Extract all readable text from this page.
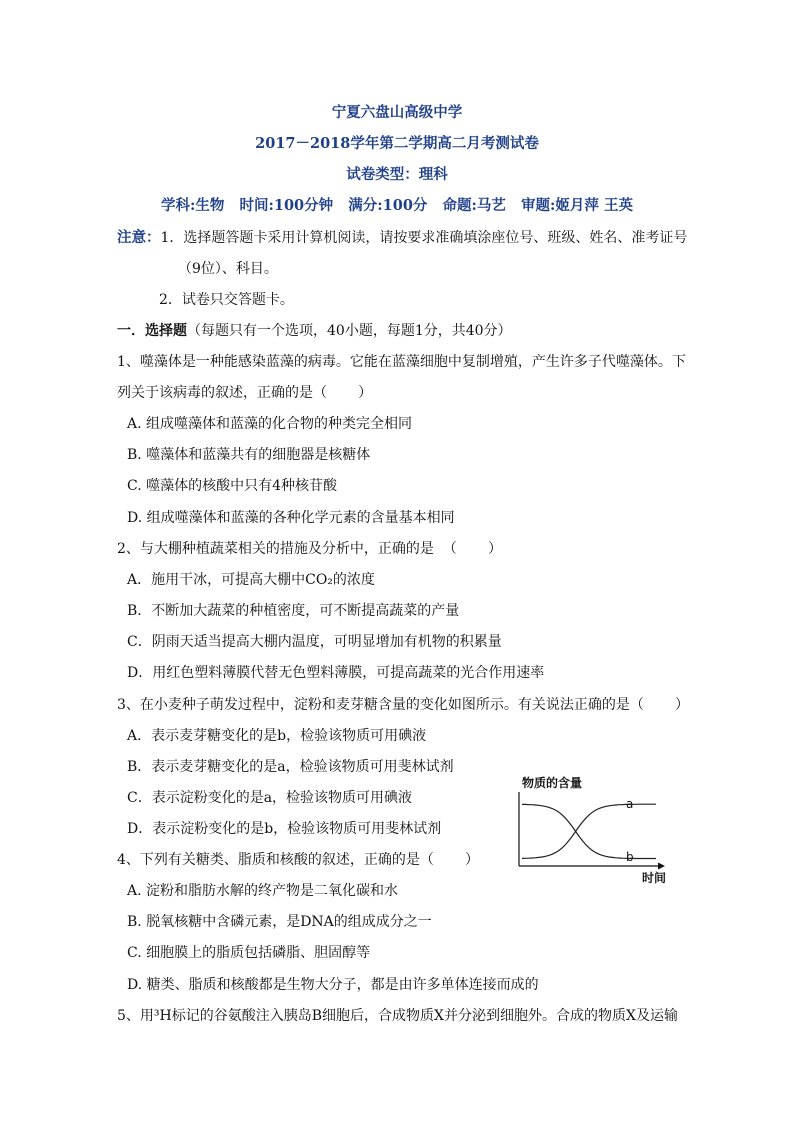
宁夏六盘山高级中学
2017－2018学年第二学期高二月考测试卷
试卷类型：理科
学科:生物   时间:100分钟   满分:100分   命题:马艺   审题:姬月萍 王英
注意：1．选择题答题卡采用计算机阅读，请按要求准确填涂座位号、班级、姓名、准考证号
（9位）、科目。
2．试卷只交答题卡。
一．选择题（每题只有一个选项，40小题，每题1分，共40分）
1、噬藻体是一种能感染蓝藻的病毒。它能在蓝藻细胞中复制增殖，产生许多子代噬藻体。下
列关于该病毒的叙述，正确的是（       ）
A. 组成噬藻体和蓝藻的化合物的种类完全相同
B. 噬藻体和蓝藻共有的细胞器是核糖体
C. 噬藻体的核酸中只有4种核苷酸
D. 组成噬藻体和蓝藻的各种化学元素的含量基本相同
2、与大棚种植蔬菜相关的措施及分析中，正确的是  （       ）
A．施用干冰，可提高大棚中CO₂的浓度
B．不断加大蔬菜的种植密度，可不断提高蔬菜的产量
C．阴雨天适当提高大棚内温度，可明显增加有机物的积累量
D．用红色塑料薄膜代替无色塑料薄膜，可提高蔬菜的光合作用速率
3、在小麦种子萌发过程中，淀粉和麦芽糖含量的变化如图所示。有关说法正确的是（       ）
A．表示麦芽糖变化的是b，检验该物质可用碘液
B．表示麦芽糖变化的是a，检验该物质可用斐林试剂
C．表示淀粉变化的是a，检验该物质可用碘液
D．表示淀粉变化的是b，检验该物质可用斐林试剂
物质的含量
a
b
时间
4、下列有关糖类、脂质和核酸的叙述，正确的是（       ）
A. 淀粉和脂肪水解的终产物是二氧化碳和水
B. 脱氧核糖中含磷元素，是DNA的组成成分之一
C. 细胞膜上的脂质包括磷脂、胆固醇等
D. 糖类、脂质和核酸都是生物大分子，都是由许多单体连接而成的
5、用³H标记的谷氨酸注入胰岛B细胞后，合成物质X并分泌到细胞外。合成的物质X及运输
